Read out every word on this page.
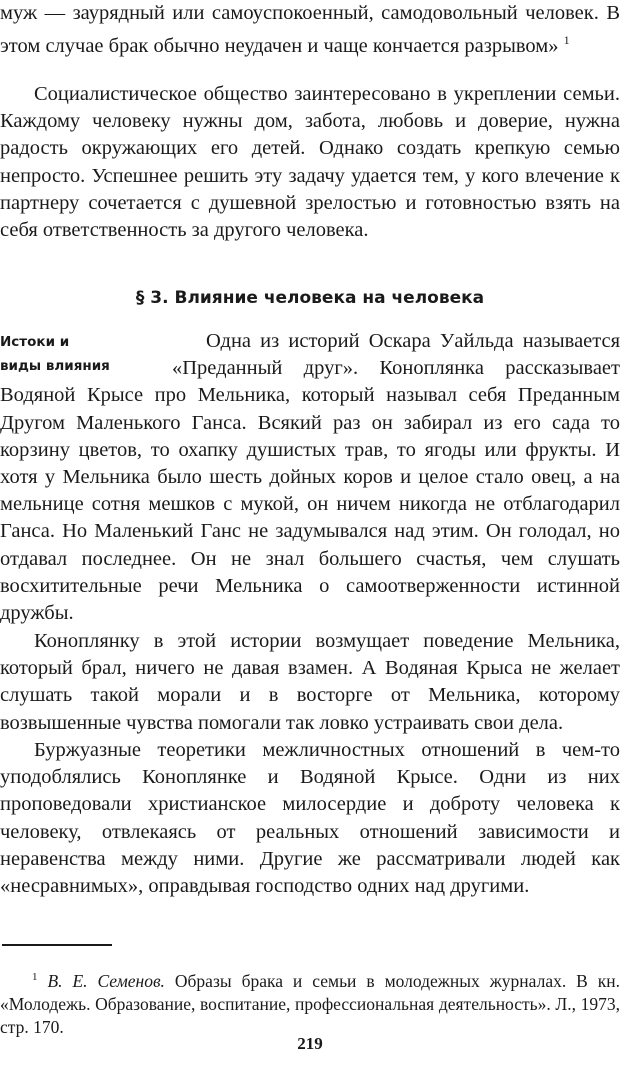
муж — заурядный или самоуспокоенный, самодовольный человек. В этом случае брак обычно неудачен и чаще кончается разрывом» $^1$

Социалистическое общество заинтересовано в укреплении семьи. Каждому человеку нужны дом, забота, любовь и доверие, нужна радость окружающих его детей. Однако создать крепкую семью непросто. Успешнее решить эту задачу удается тем, у кого влечение к партнеру сочетается с душевной зрелостью и готовностью взять на себя ответственность за другого человека.

§ 3. Влияние человека на человека

Истоки и
виды влияния
Одна из историй Оскара Уайльда называется «Преданный друг». Коноплянка рассказывает Водяной Крысе про Мельника, который называл себя Преданным Другом Маленького Ганса. Всякий раз он забирал из его сада то корзину цветов, то охапку душистых трав, то ягоды или фрукты. И хотя у Мельника было шесть дойных коров и целое стало овец, а на мельнице сотня мешков с мукой, он ничем никогда не отблагодарил Ганса. Но Маленький Ганс не задумывался над этим. Он голодал, но отдавал последнее. Он не знал большего счастья, чем слушать восхитительные речи Мельника о самоотверженности истинной дружбы.

Коноплянку в этой истории возмущает поведение Мельника, который брал, ничего не давая взамен. А Водяная Крыса не желает слушать такой морали и в восторге от Мельника, которому возвышенные чувства помогали так ловко устраивать свои дела.

Буржуазные теоретики межличностных отношений в чем-то уподоблялись Коноплянке и Водяной Крысе. Одни из них проповедовали христианское милосердие и доброту человека к человеку, отвлекаясь от реальных отношений зависимости и неравенства между ними. Другие же рассматривали людей как «несравнимых», оправдывая господство одних над другими.

$^1$ В. Е. Семенов. Образы брака и семьи в молодежных журналах. В кн. «Молодежь. Образование, воспитание, профессиональная деятельность». Л., 1973, стр. 170.

219
